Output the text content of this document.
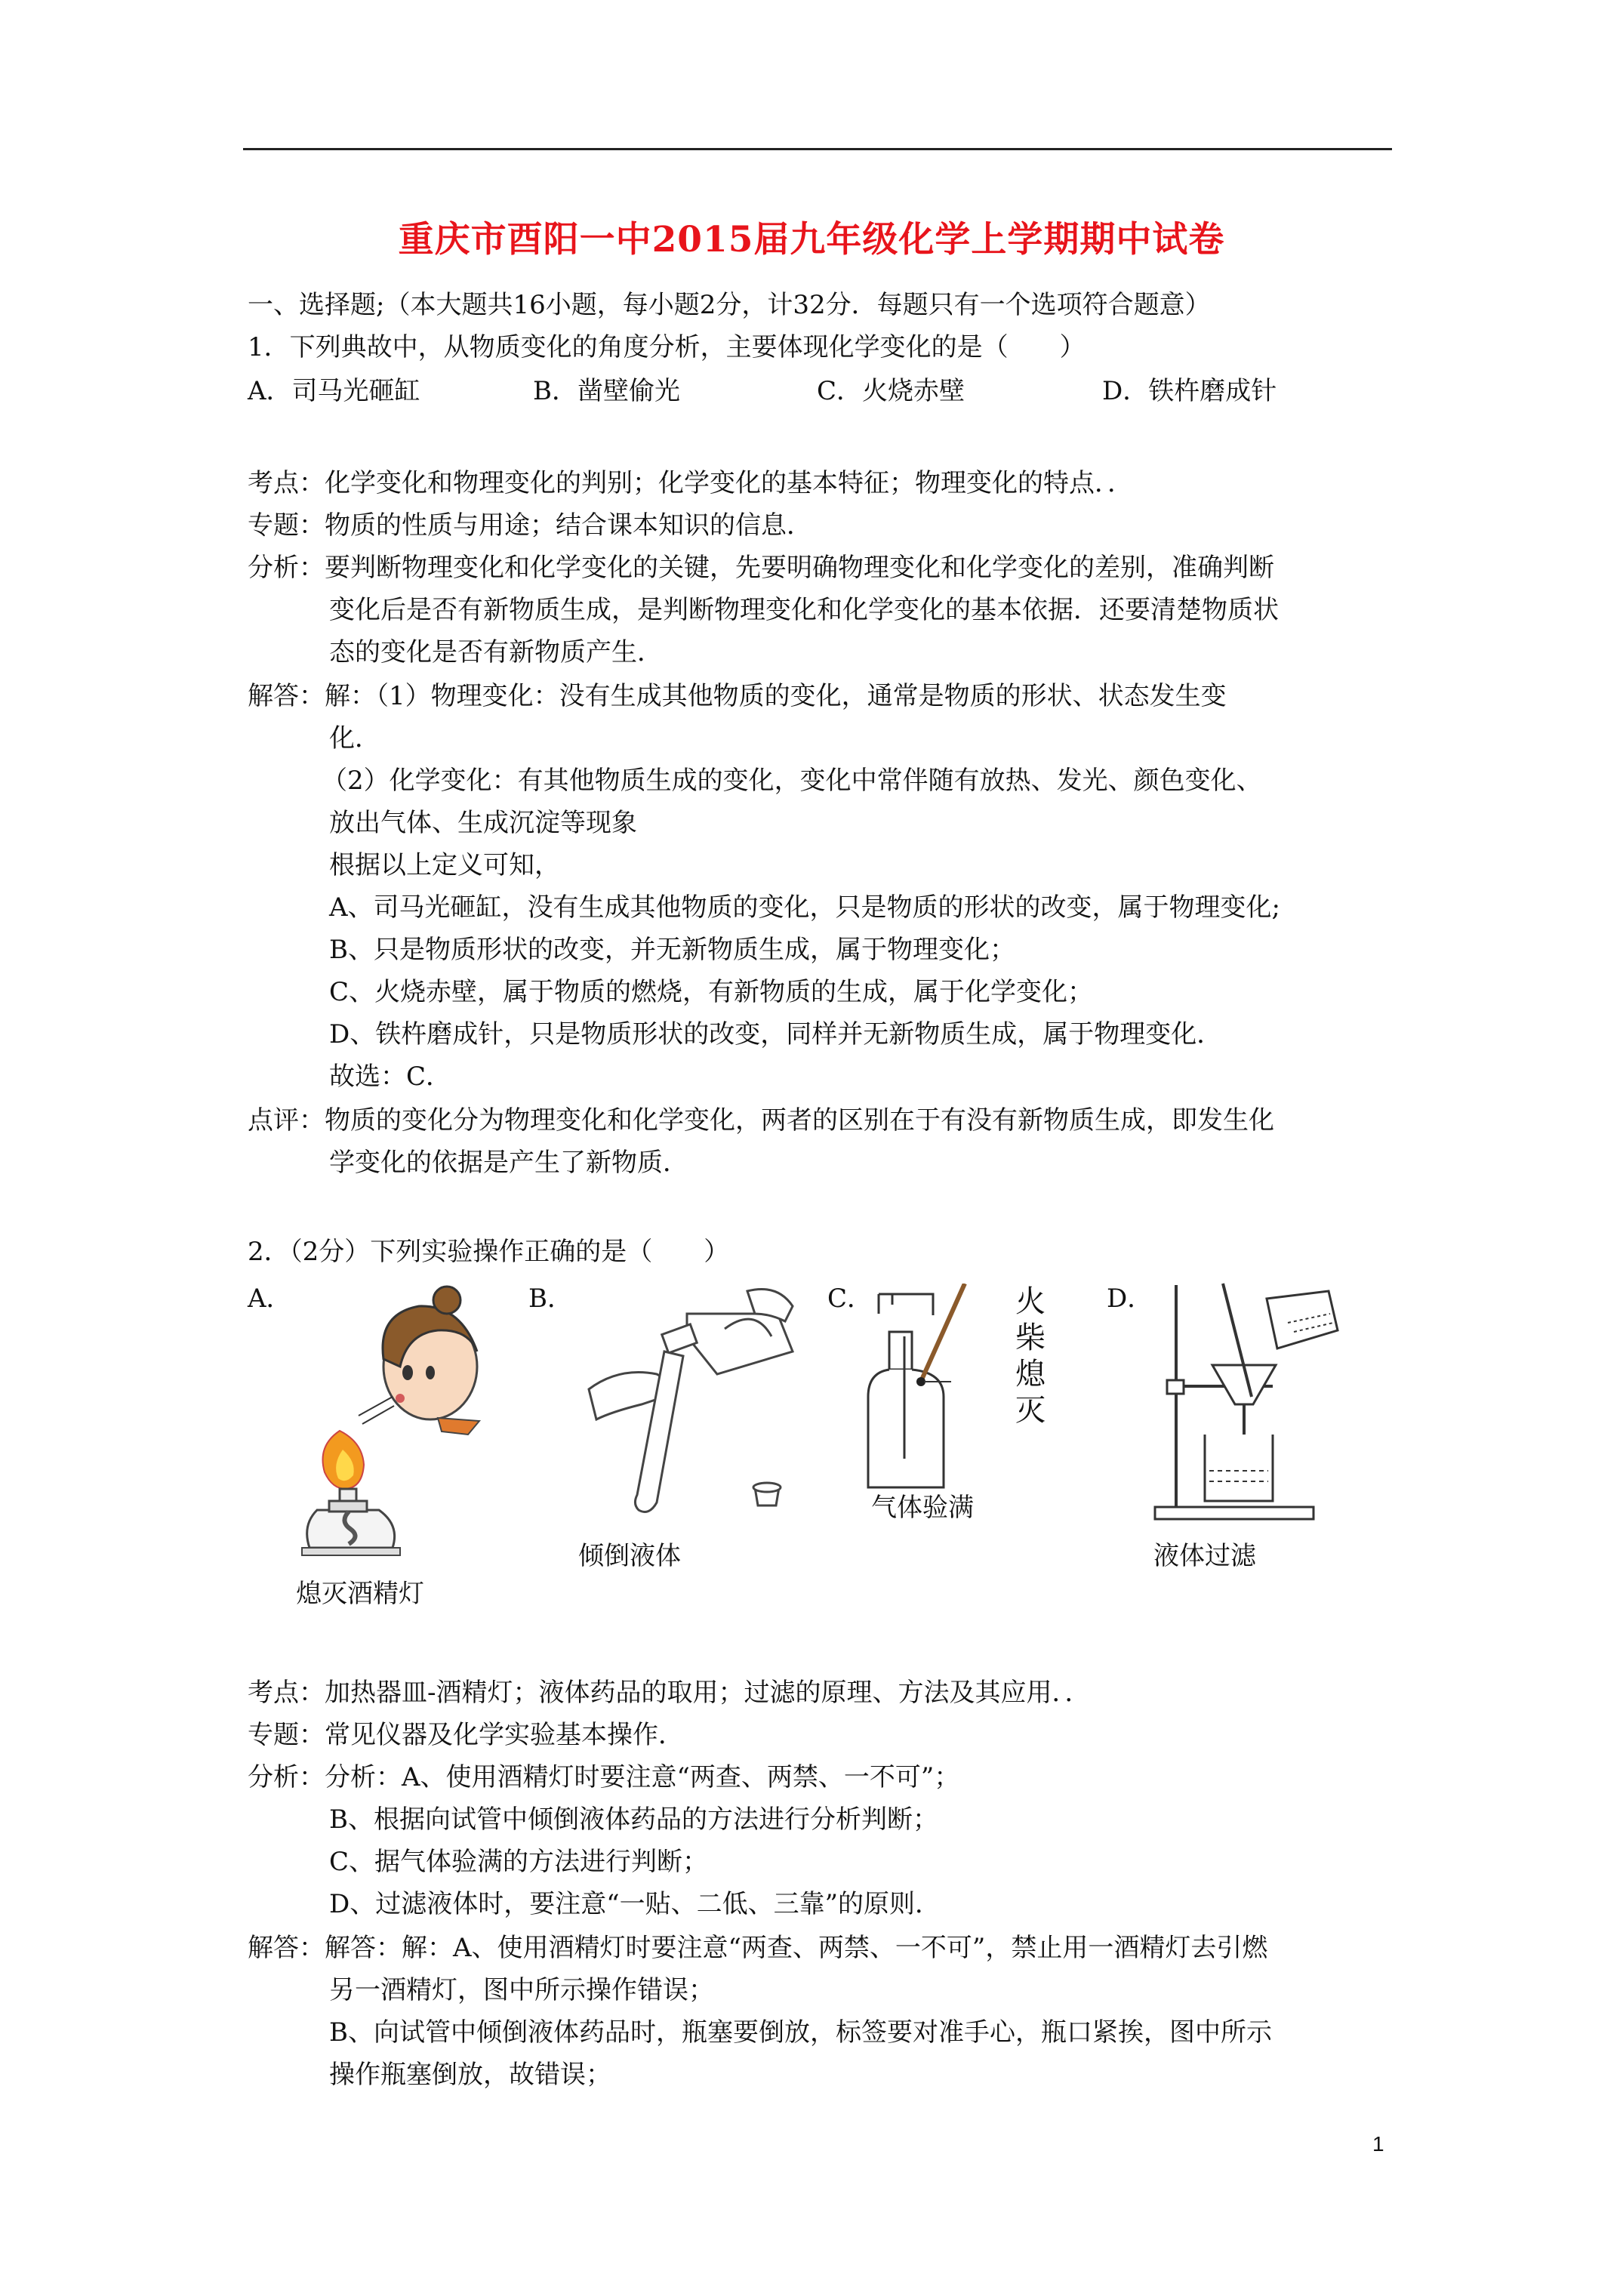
重庆市酉阳一中2015届九年级化学上学期期中试卷
一、选择题;（本大题共16小题，每小题2分，计32分．每题只有一个选项符合题意）
1．下列典故中，从物质变化的角度分析，主要体现化学变化的是（　　）
A．司马光砸缸	B．凿壁偷光	C．火烧赤壁	D．铁杵磨成针
考点：化学变化和物理变化的判别；化学变化的基本特征；物理变化的特点．．
专题：物质的性质与用途；结合课本知识的信息．
分析：要判断物理变化和化学变化的关键，先要明确物理变化和化学变化的差别，准确判断
变化后是否有新物质生成，是判断物理变化和化学变化的基本依据．还要清楚物质状
态的变化是否有新物质产生．
解答：解：（1）物理变化：没有生成其他物质的变化，通常是物质的形状、状态发生变
化．
（2）化学变化：有其他物质生成的变化，变化中常伴随有放热、发光、颜色变化、
放出气体、生成沉淀等现象
根据以上定义可知，
A、司马光砸缸，没有生成其他物质的变化，只是物质的形状的改变，属于物理变化;
B、只是物质形状的改变，并无新物质生成，属于物理变化；
C、火烧赤壁，属于物质的燃烧，有新物质的生成，属于化学变化；
D、铁杵磨成针，只是物质形状的改变，同样并无新物质生成，属于物理变化．
故选：C．
点评：物质的变化分为物理变化和化学变化，两者的区别在于有没有新物质生成，即发生化
学变化的依据是产生了新物质．
2．（2分）下列实验操作正确的是（　　）
A．	B．	C．	D．
熄灭酒精灯
倾倒液体
火
柴
熄
灭
气体验满
液体过滤
考点：加热器皿-酒精灯；液体药品的取用；过滤的原理、方法及其应用．．
专题：常见仪器及化学实验基本操作．
分析：分析：A、使用酒精灯时要注意“两查、两禁、一不可”；
B、根据向试管中倾倒液体药品的方法进行分析判断；
C、据气体验满的方法进行判断；
D、过滤液体时，要注意“一贴、二低、三靠”的原则．
解答：解答：解：A、使用酒精灯时要注意“两查、两禁、一不可”，禁止用一酒精灯去引燃
另一酒精灯，图中所示操作错误；
B、向试管中倾倒液体药品时，瓶塞要倒放，标签要对准手心，瓶口紧挨，图中所示
操作瓶塞倒放，故错误；
1
